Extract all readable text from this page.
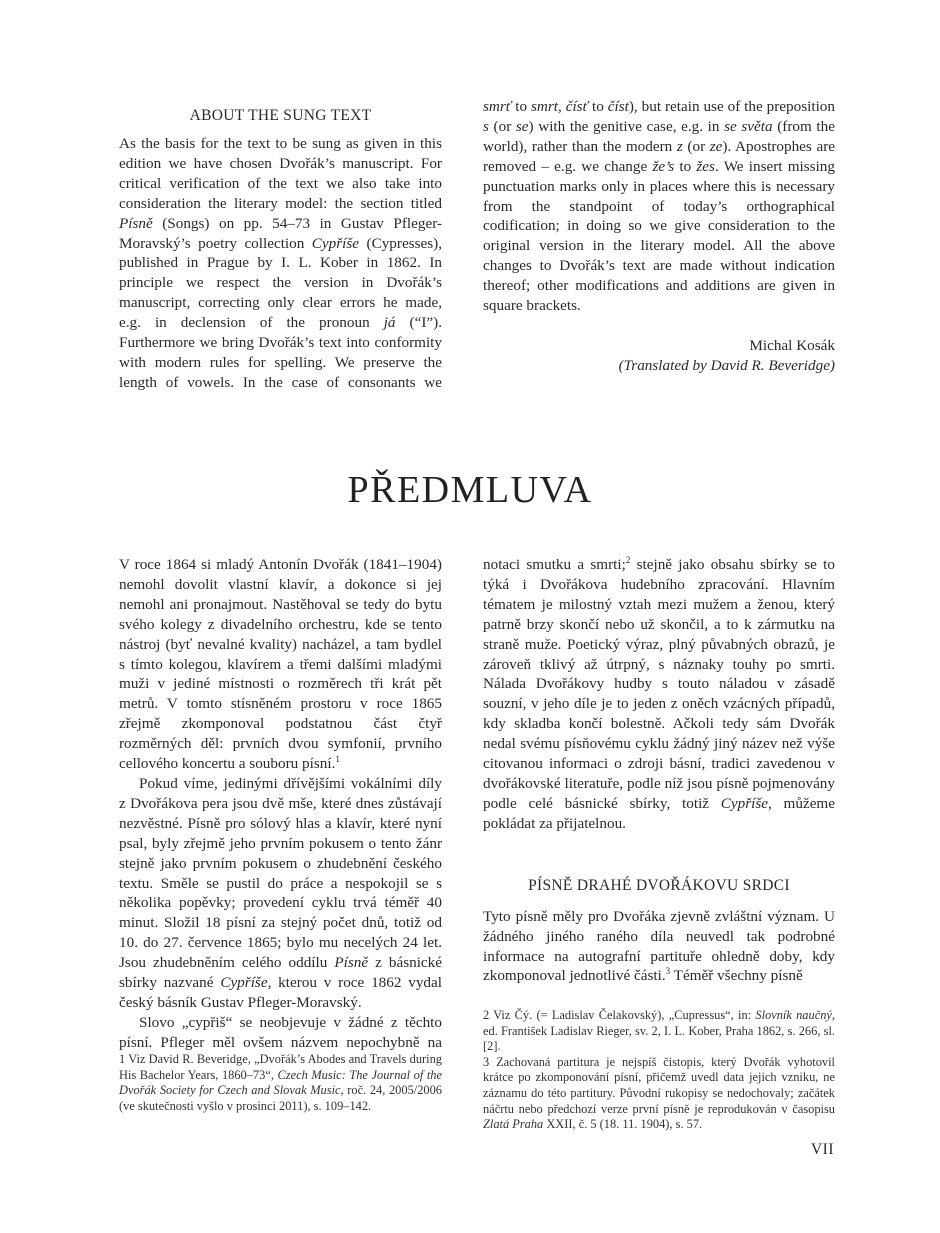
ABOUT THE SUNG TEXT

As the basis for the text to be sung as given in this edition we have chosen Dvořák’s manuscript. For critical verification of the text we also take into consideration the literary model: the section titled Písně (Songs) on pp. 54–73 in Gustav Pfleger-Moravský’s poetry collection Cypříše (Cypresses), published in Prague by I. L. Kober in 1862. In principle we respect the version in Dvořák’s manuscript, correcting only clear errors he made, e.g. in declension of the pronoun já (“I”). Furthermore we bring Dvořák’s text into conformity with modern rules for spelling. We preserve the length of vowels. In the case of consonants we

smrť to smrt, čísť to číst), but retain use of the preposition s (or se) with the genitive case, e.g. in se světa (from the world), rather than the modern z (or ze). Apostrophes are removed – e.g. we change že’s to žes. We insert missing punctuation marks only in places where this is necessary from the standpoint of today’s orthographical codification; in doing so we give consideration to the original version in the literary model. All the above changes to Dvořák’s text are made without indication thereof; other modifications and additions are given in square brackets.

Michal Kosák

(Translated by David R. Beveridge)

PŘEDMLUVA

V roce 1864 si mladý Antonín Dvořák (1841–1904) nemohl dovolit vlastní klavír, a dokonce si jej nemohl ani pronajmout. Nastěhoval se tedy do bytu svého kolegy z divadelního orchestru, kde se tento nástroj (byť nevalné kvality) nacházel, a tam bydlel s tímto kolegou, klavírem a třemi dalšími mladými muži v jediné místnosti o rozměrech tři krát pět metrů. V tomto stísněném prostoru v roce 1865 zřejmě zkomponoval podstatnou část čtyř rozměrných děl: prvních dvou symfonií, prvního cellového koncertu a souboru písní.$^1$

Pokud víme, jedinými dřívějšími vokálními díly z Dvořákova pera jsou dvě mše, které dnes zůstávají nezvěstné. Písně pro sólový hlas a klavír, které nyní psal, byly zřejmě jeho prvním pokusem o tento žánr stejně jako prvním pokusem o zhudebnění českého textu. Směle se pustil do práce a nespokojil se s několika popěvky; provedení cyklu trvá téměř 40 minut. Složil 18 písní za stejný počet dnů, totiž od 10. do 27. července 1865; bylo mu necelých 24 let. Jsou zhudebněním celého oddílu Písně z básnické sbírky nazvané Cypříše, kterou v roce 1862 vydal český básník Gustav Pfleger-Moravský.

Slovo „cypřiš“ se neobjevuje v žádné z těchto písní. Pfleger měl ovšem názvem nepochybně na

1 Viz David R. Beveridge, „Dvořák’s Abodes and Travels during His Bachelor Years, 1860–73“, Czech Music: The Journal of the Dvořák Society for Czech and Slovak Music, roč. 24, 2005/2006 (ve skutečnosti vyšlo v prosinci 2011), s. 109–142.

notaci smutku a smrti;$^2$ stejně jako obsahu sbírky se to týká i Dvořákova hudebního zpracování. Hlavním tématem je milostný vztah mezi mužem a ženou, který patrně brzy skončí nebo už skončil, a to k zármutku na straně muže. Poetický výraz, plný půvabných obrazů, je zároveň tklivý až útrpný, s náznaky touhy po smrti. Nálada Dvořákovy hudby s touto náladou v zásadě souzní, v jeho díle je to jeden z oněch vzácných případů, kdy skladba končí bolestně. Ačkoli tedy sám Dvořák nedal svému písňovému cyklu žádný jiný název než výše citovanou informaci o zdroji básní, tradici zavedenou v dvořákovské literatuře, podle níž jsou písně pojmenovány podle celé básnické sbírky, totiž Cypříše, můžeme pokládat za přijatelnou.

PÍSNĚ DRAHÉ DVOŘÁKOVU SRDCI

Tyto písně měly pro Dvořáka zjevně zvláštní význam. U žádného jiného raného díla neuvedl tak podrobné informace na autografní partituře ohledně doby, kdy zkomponoval jednotlivé části.$^3$ Téměř všechny písně

2 Viz Čý. (= Ladislav Čelakovský), „Cupressus“, in: Slovník naučný, ed. František Ladislav Rieger, sv. 2, I. L. Kober, Praha 1862, s. 266, sl. [2].

3 Zachovaná partitura je nejspíš čistopis, který Dvořák vyhotovil krátce po zkomponování písní, přičemž uvedl data jejich vzniku, ne záznamu do této partitury. Původní rukopisy se nedochovaly; začátek náčrtu nebo předchozí verze první písně je reprodukován v časopisu Zlatá Praha XXII, č. 5 (18. 11. 1904), s. 57.

VII
